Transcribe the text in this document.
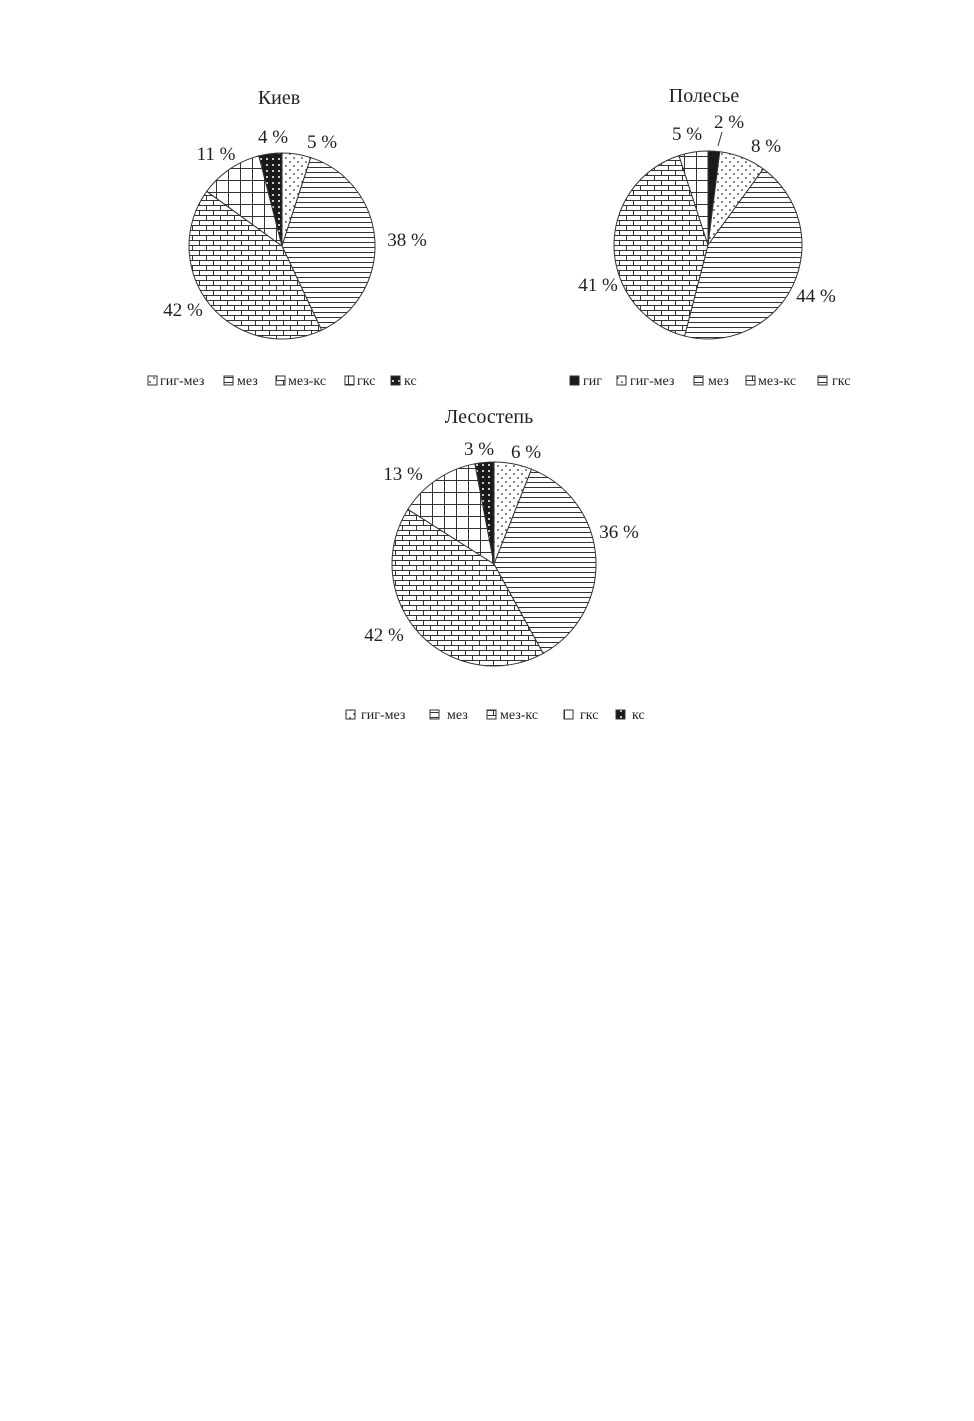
Киев
5 %
38 %
42 %
11 %
4 %
гиг-мез мез мез-кс гкс кс
Полесье
2 %
8 %
44 %
41 %
5 %
гиг гиг-мез мез мез-кс	гкс
Лесостепь
6 %
36 %
42 %
13 %
3 %
гиг-мез	мез мез-кс	гкс кс
